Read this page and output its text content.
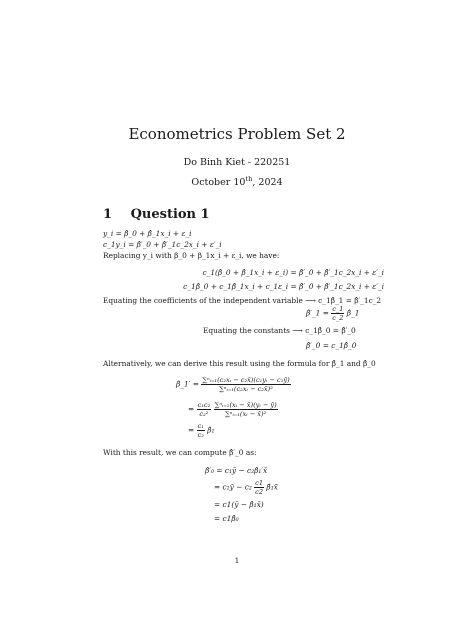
Econometrics Problem Set 2
Do Binh Kiet - 220251
October 10th, 2024
1 Question 1
y_i = β̂_0 + β̂_1x_i + ε_i
c_1y_i = β̂′_0 + β̂′_1c_2x_i + ε′_i
Replacing y_i with β_0 + β_1x_i + ε_i, we have:
c_1(β̂_0 + β̂_1x_i + ε_i) = β̂′_0 + β̂′_1c_2x_i + ε′_i
c_1β̂_0 + c_1β̂_1x_i + c_1ε_i = β̂′_0 + β̂′_1c_2x_i + ε′_i
Equating the coefficients of the independent variable ⟶ c_1β̂_1 = β̂′_1c_2
β̂′_1 = $\frac{c\_1}{c\_2}$ β̂_1
Equating the constants ⟶ c_1β̂_0 = β̂′_0
β̂′_0 = c_1β̂_0
Alternatively, we can derive this result using the formula for β̂_1 and β̂_0
β̂_1′ = $\frac{\text{∑ⁿᵢ₌₁(c₂xᵢ − c₂x̄)(c₁yᵢ − c₁ȳ)}}{\text{∑ⁿᵢ₌₁(c₂xᵢ − c₂x̄)²}}$
= $\frac{\text{c₁c₂}}{\text{c₂²}}$
$\frac{\text{∑ⁿᵢ₌₁(xᵢ − x̄)(yᵢ − ȳ)}}{\text{∑ⁿᵢ₌₁(xᵢ − x̄)²}}$
= $\frac{\text{c₁}}{\text{c₂}}$ β̂₁
With this result, we can compute β̂′_0 as:
β̂′₀ = c₁ȳ − c₂β̂₁′x̄
= c₁ȳ − $c_2 \frac{c1}{c2}$ β̂₁x̄
= c1(ȳ − β̂₁x̄)
= c1β̂₀
1
